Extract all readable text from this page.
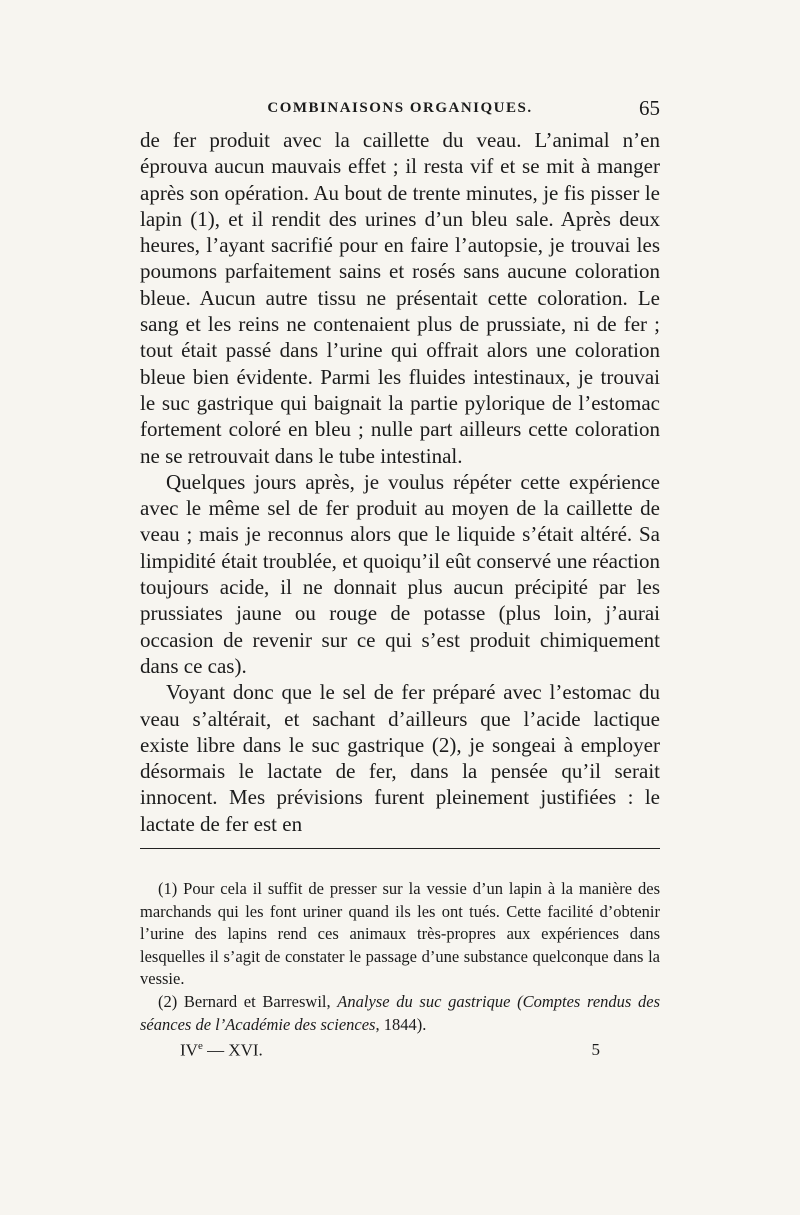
COMBINAISONS ORGANIQUES.	65

de fer produit avec la caillette du veau. L’animal n’en éprouva aucun mauvais effet ; il resta vif et se mit à manger après son opération. Au bout de trente minutes, je fis pisser le lapin (1), et il rendit des urines d’un bleu sale. Après deux heures, l’ayant sacrifié pour en faire l’autopsie, je trouvai les poumons parfaitement sains et rosés sans aucune coloration bleue. Aucun autre tissu ne présentait cette coloration. Le sang et les reins ne contenaient plus de prussiate, ni de fer ; tout était passé dans l’urine qui offrait alors une coloration bleue bien évidente. Parmi les fluides intestinaux, je trouvai le suc gastrique qui baignait la partie pylorique de l’estomac fortement coloré en bleu ; nulle part ailleurs cette coloration ne se retrouvait dans le tube intestinal.

Quelques jours après, je voulus répéter cette expérience avec le même sel de fer produit au moyen de la caillette de veau ; mais je reconnus alors que le liquide s’était altéré. Sa limpidité était troublée, et quoiqu’il eût conservé une réaction toujours acide, il ne donnait plus aucun précipité par les prussiates jaune ou rouge de potasse (plus loin, j’aurai occasion de revenir sur ce qui s’est produit chimiquement dans ce cas).

Voyant donc que le sel de fer préparé avec l’estomac du veau s’altérait, et sachant d’ailleurs que l’acide lactique existe libre dans le suc gastrique (2), je songeai à employer désormais le lactate de fer, dans la pensée qu’il serait innocent. Mes prévisions furent pleinement justifiées : le lactate de fer est en

(1) Pour cela il suffit de presser sur la vessie d’un lapin à la manière des marchands qui les font uriner quand ils les ont tués. Cette facilité d’obtenir l’urine des lapins rend ces animaux très-propres aux expériences dans lesquelles il s’agit de constater le passage d’une substance quelconque dans la vessie.

(2) Bernard et Barreswil, Analyse du suc gastrique (Comptes rendus des séances de l’Académie des sciences, 1844).

IVe — XVI.	5
